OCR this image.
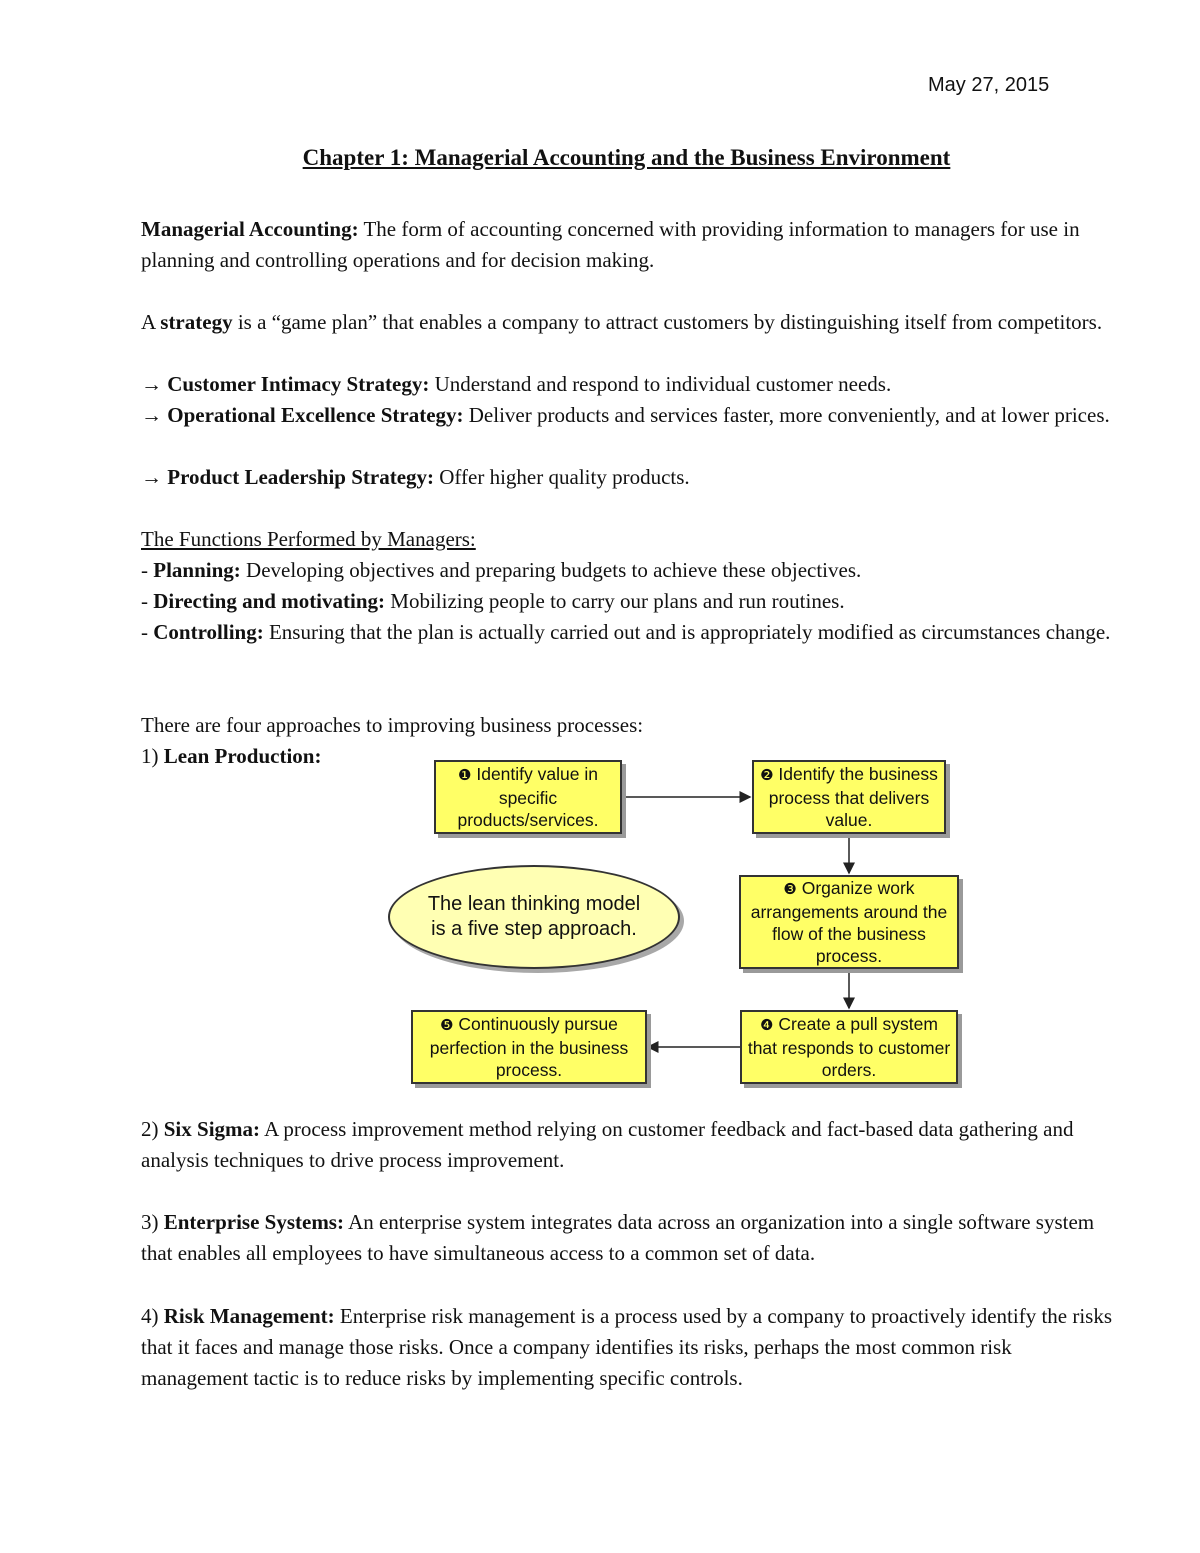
May 27, 2015
Chapter 1: Managerial Accounting and the Business Environment

Managerial Accounting: The form of accounting concerned with providing information to managers for use in planning and controlling operations and for decision making.

A strategy is a “game plan” that enables a company to attract customers by distinguishing itself from competitors.

→ Customer Intimacy Strategy: Understand and respond to individual customer needs.

→ Operational Excellence Strategy: Deliver products and services faster, more conveniently, and at lower prices.

→ Product Leadership Strategy: Offer higher quality products.

The Functions Performed by Managers:

- Planning: Developing objectives and preparing budgets to achieve these objectives.

- Directing and motivating: Mobilizing people to carry our plans and run routines.

- Controlling: Ensuring that the plan is actually carried out and is appropriately modified as circumstances change.

There are four approaches to improving business processes:

1) Lean Production:

❶ Identify value in specific products/services.
❷ Identify the business process that delivers value.
The lean thinking model is a five step approach.
❸ Organize work arrangements around the flow of the business process.
❹ Create a pull system that responds to customer orders.
❺ Continuously pursue perfection in the business process.

2) Six Sigma: A process improvement method relying on customer feedback and fact-based data gathering and analysis techniques to drive process improvement.

3) Enterprise Systems: An enterprise system integrates data across an organization into a single software system that enables all employees to have simultaneous access to a common set of data.

4) Risk Management: Enterprise risk management is a process used by a company to proactively identify the risks that it faces and manage those risks. Once a company identifies its risks, perhaps the most common risk management tactic is to reduce risks by implementing specific controls.
